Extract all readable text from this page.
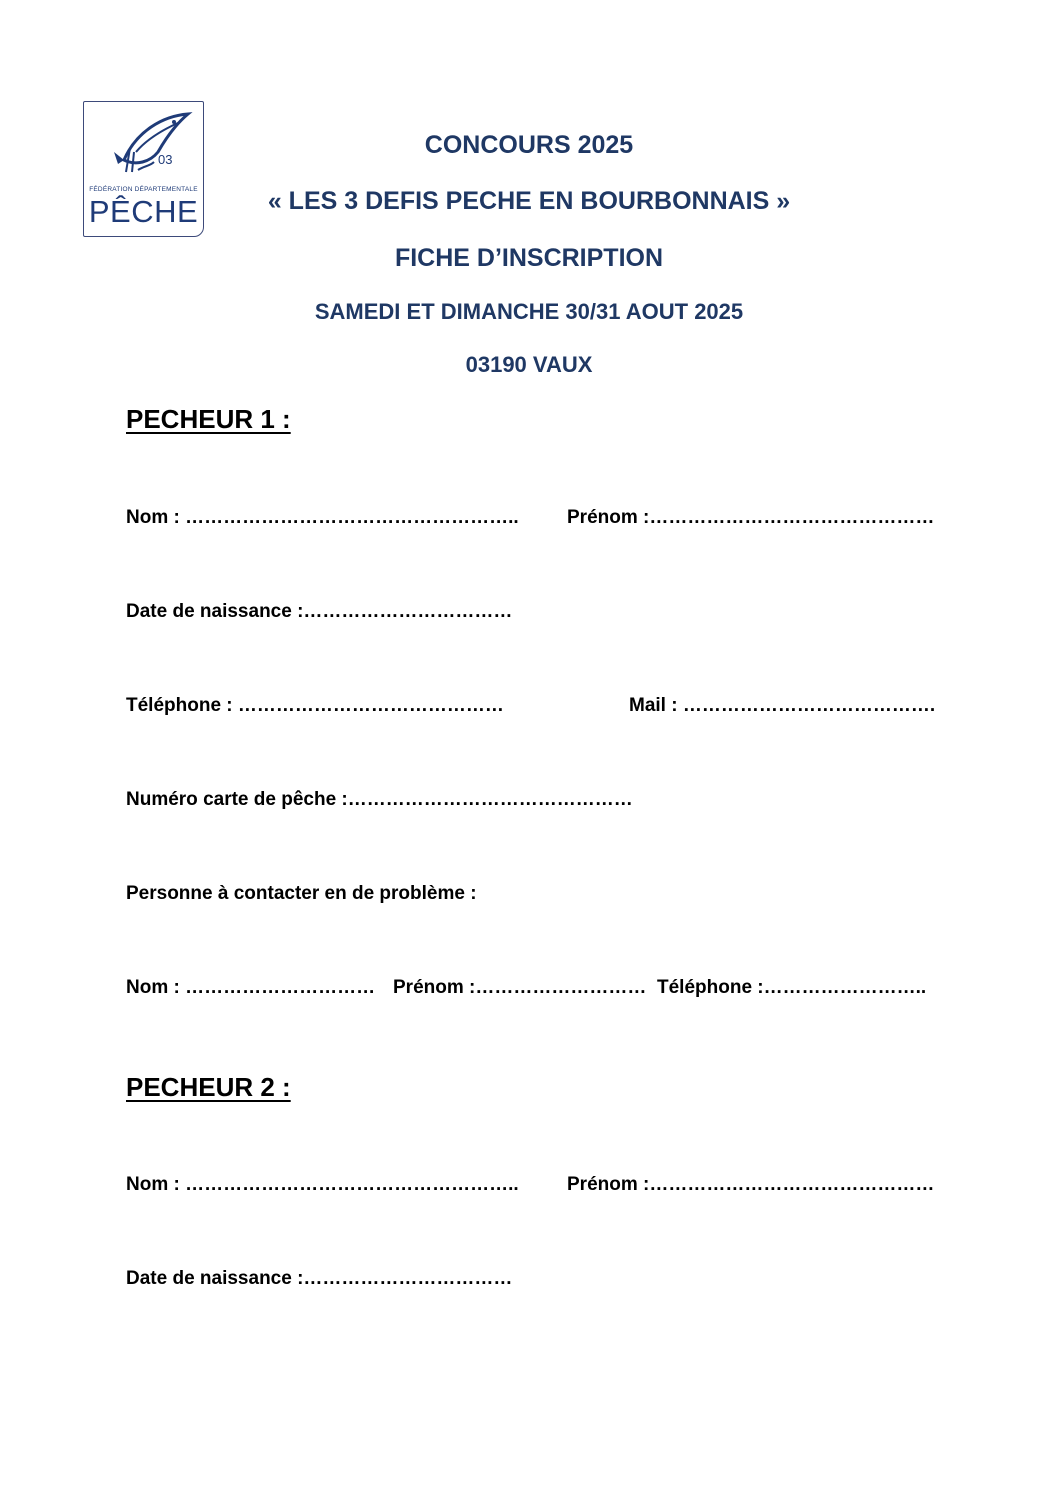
03
FÉDÉRATION DÉPARTEMENTALE
PÊCHE
CONCOURS 2025
« LES 3 DEFIS PECHE EN BOURBONNAIS »
FICHE D’INSCRIPTION
SAMEDI ET DIMANCHE 30/31 AOUT 2025
03190 VAUX
PECHEUR 1 :
Nom : ……………………………………………..	Prénom :………………………………………
Date de naissance :……………………………
Téléphone : ……………………………………	Mail : ………………………………….
Numéro carte de pêche :………………………………………
Personne à contacter en de problème :
Nom : ………………………… Prénom :……………………… Téléphone :……………………..
PECHEUR 2 :
Nom : ……………………………………………..	Prénom :………………………………………
Date de naissance :……………………………
